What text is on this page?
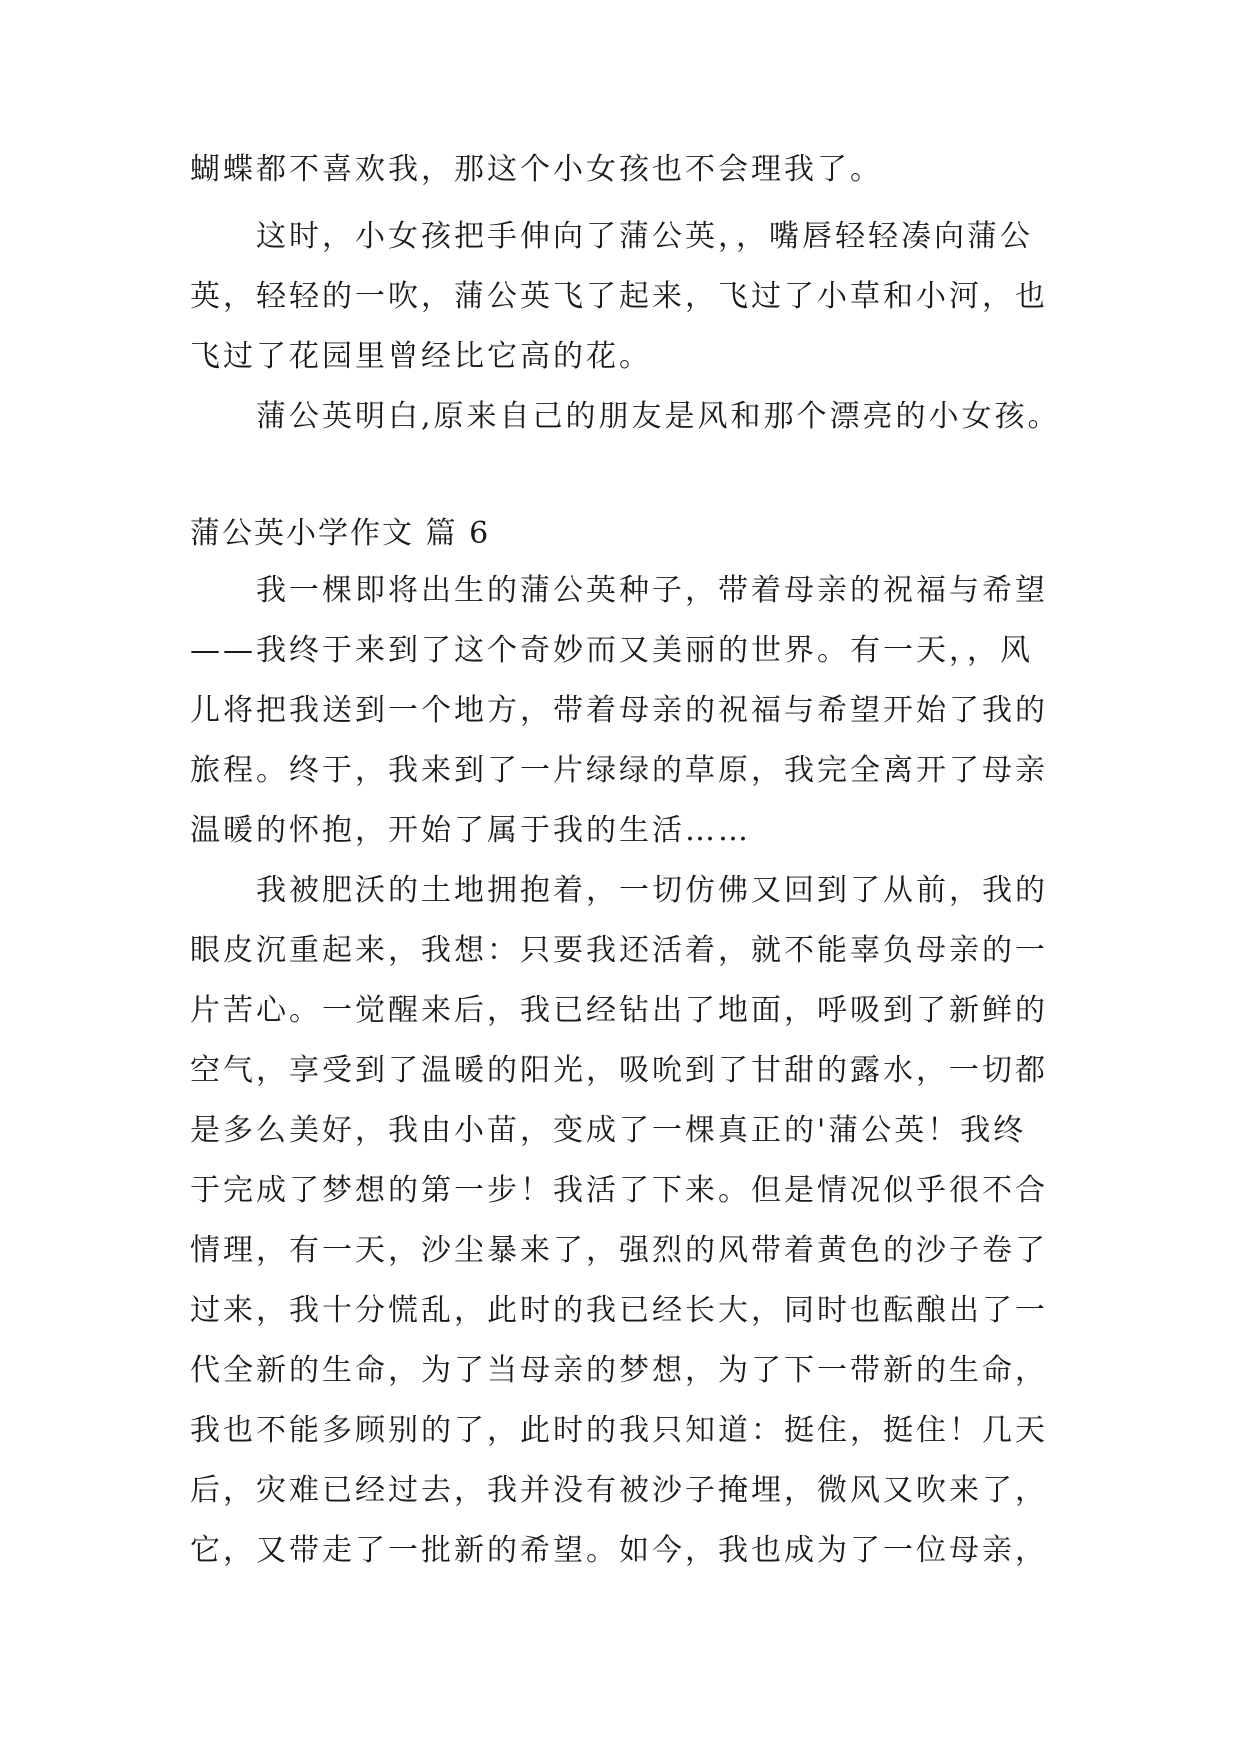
蝴蝶都不喜欢我，那这个小女孩也不会理我了。
　　这时，小女孩把手伸向了蒲公英，，嘴唇轻轻凑向蒲公
英，轻轻的一吹，蒲公英飞了起来，飞过了小草和小河，也
飞过了花园里曾经比它高的花。
　　蒲公英明白,原来自己的朋友是风和那个漂亮的小女孩。
蒲公英小学作文 篇 6
　　我一棵即将出生的蒲公英种子，带着母亲的祝福与希望
——我终于来到了这个奇妙而又美丽的世界。有一天，，风
儿将把我送到一个地方，带着母亲的祝福与希望开始了我的
旅程。终于，我来到了一片绿绿的草原，我完全离开了母亲
温暖的怀抱，开始了属于我的生活……
　　我被肥沃的土地拥抱着，一切仿佛又回到了从前，我的
眼皮沉重起来，我想：只要我还活着，就不能辜负母亲的一
片苦心。一觉醒来后，我已经钻出了地面，呼吸到了新鲜的
空气，享受到了温暖的阳光，吸吮到了甘甜的露水，一切都
是多么美好，我由小苗，变成了一棵真正的'蒲公英！我终
于完成了梦想的第一步！我活了下来。但是情况似乎很不合
情理，有一天，沙尘暴来了，强烈的风带着黄色的沙子卷了
过来，我十分慌乱，此时的我已经长大，同时也酝酿出了一
代全新的生命，为了当母亲的梦想，为了下一带新的生命，
我也不能多顾别的了，此时的我只知道：挺住，挺住！几天
后，灾难已经过去，我并没有被沙子掩埋，微风又吹来了，
它，又带走了一批新的希望。如今，我也成为了一位母亲，
